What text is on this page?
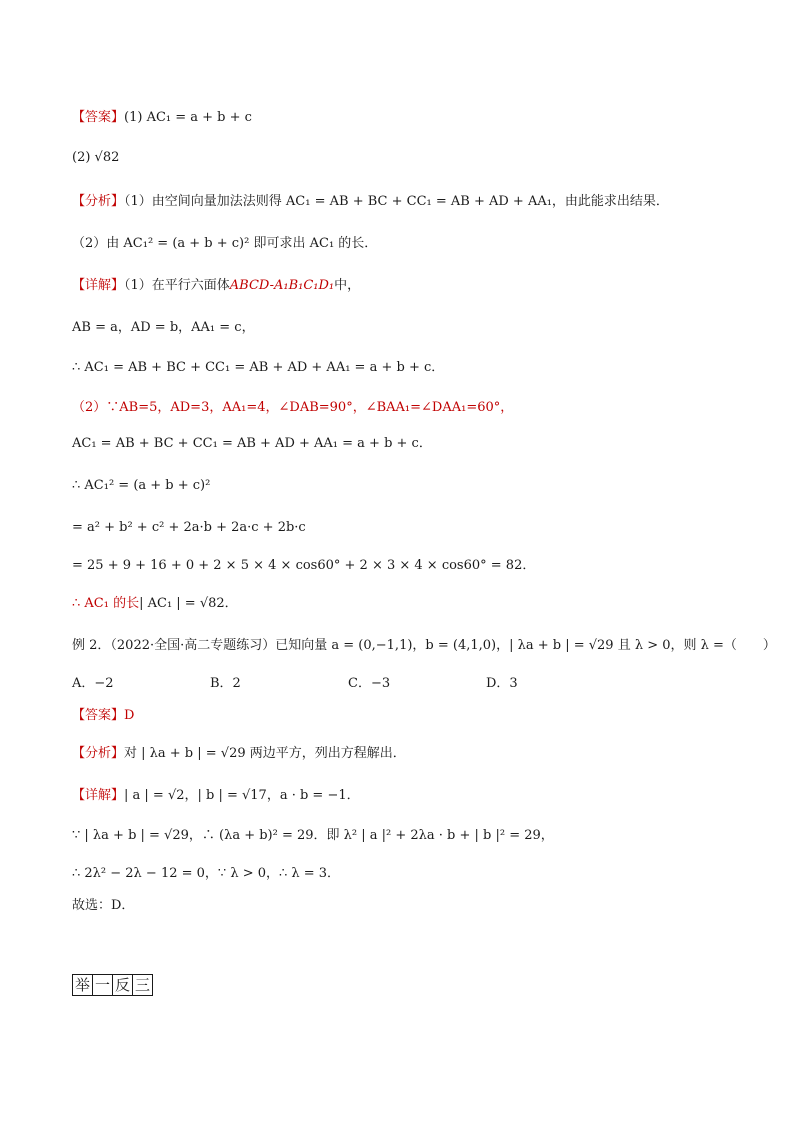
【答案】(1) AC₁ = a + b + c
(2) √82
【分析】（1）由空间向量加法法则得 AC₁ = AB + BC + CC₁ = AB + AD + AA₁，由此能求出结果．
（2）由 AC₁² = (a + b + c)² 即可求出 AC₁ 的长．
【详解】（1）在平行六面体ABCD-A₁B₁C₁D₁中，
AB = a，AD = b，AA₁ = c，
∴ AC₁ = AB + BC + CC₁ = AB + AD + AA₁ = a + b + c．
（2）∵AB=5，AD=3，AA₁=4，∠DAB=90°，∠BAA₁=∠DAA₁=60°，
AC₁ = AB + BC + CC₁ = AB + AD + AA₁ = a + b + c．
∴ AC₁² = (a + b + c)²
= a² + b² + c² + 2a·b + 2a·c + 2b·c
= 25 + 9 + 16 + 0 + 2 × 5 × 4 × cos60° + 2 × 3 × 4 × cos60° = 82．
∴ AC₁ 的长| AC₁ | = √82．
例 2．（2022·全国·高二专题练习）已知向量 a = (0,−1,1)，b = (4,1,0)，| λa + b | = √29 且 λ > 0，则 λ =（　　）
A．−2	B．2	C．−3	D．3
【答案】D
【分析】对 | λa + b | = √29 两边平方，列出方程解出．
【详解】| a | = √2，| b | = √17，a · b = −1．
∵ | λa + b | = √29，∴ (λa + b)² = 29．即 λ² | a |² + 2λa · b + | b |² = 29，
∴ 2λ² − 2λ − 12 = 0，∵ λ > 0，∴ λ = 3．
故选：D．
举 一 反 三
